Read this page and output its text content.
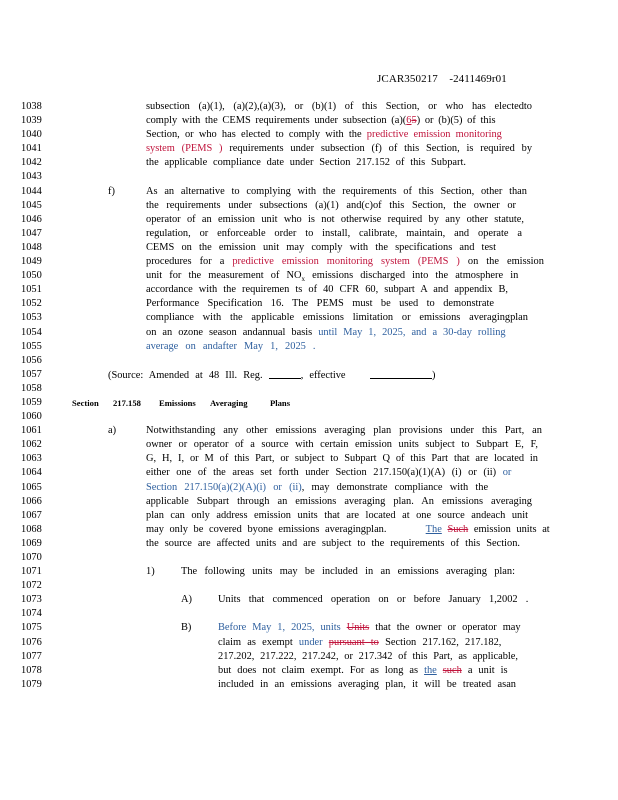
JCAR350217 -2411469r01
1038	subsection (a)(1), (a)(2),(a)(3), or (b)(1) of this Section, or who has electedto
1039	comply with the CEMS requirements under subsection (a)(65) or (b)(5) of this
1040	Section, or who has elected to comply with the predictive emission monitoring
1041	system (PEMS ) requirements under subsection (f) of this Section, is required by
1042	the applicable compliance date under Section 217.152 of this Subpart.
1043
1044	f)	As an alternative to complying with the requirements of this Section, other than
1045	the requirements under subsections (a)(1) and(c)of this Section, the owner or
1046	operator of an emission unit who is not otherwise required by any other statute,
1047	regulation, or enforceable order to install, calibrate, maintain, and operate a
1048	CEMS on the emission unit may comply with the specifications and test
1049	procedures for a predictive emission monitoring system (PEMS ) on the emission
1050	unit for the measurement of $NO_x$ emissions discharged into the atmosphere in
1051	accordance with the requiremen ts of 40 CFR 60, subpart A and appendix B,
1052	Performance Specification 16. The PEMS must be used to demonstrate
1053	compliance with the applicable emissions limitation or emissions averagingplan
1054	on an ozone season andannual basis until May 1, 2025, and a 30-day rolling
1055	average on andafter May 1, 2025 .
1056
1057	(Source: Amended at 48 Ill. Reg.	, effective	)
1058
1059	Section 217.158 Emissions Averaging	Plans
1060
1061	a)	Notwithstanding any other emissions averaging plan provisions under this Part, an
1062	owner or operator of a source with certain emission units subject to Subpart E, F,
1063	G, H, I, or M of this Part, or subject to Subpart Q of this Part that are located in
1064	either one of the areas set forth under Section 217.150(a)(1)(A) (i) or (ii) or
1065	Section 217.150(a)(2)(A)(i) or (ii), may demonstrate compliance with the
1066	applicable Subpart through an emissions averaging plan. An emissions averaging
1067	plan can only address emission units that are located at one source andeach unit
1068	may only be covered byone emissions averagingplan.	The Such emission units at
1069	the source are affected units and are subject to the requirements of this Section.
1070
1071	1)	The following units may be included in an emissions averaging plan:
1072
1073	A)	Units that commenced operation on or before January 1,2002 .
1074
1075	B)	Before May 1, 2025, units Units that the owner or operator may
1076	claim as exempt under pursuant to Section 217.162, 217.182,
1077	217.202, 217.222, 217.242, or 217.342 of this Part, as applicable,
1078	but does not claim exempt. For as long as the such a unit is
1079	included in an emissions averaging plan, it will be treated asan
